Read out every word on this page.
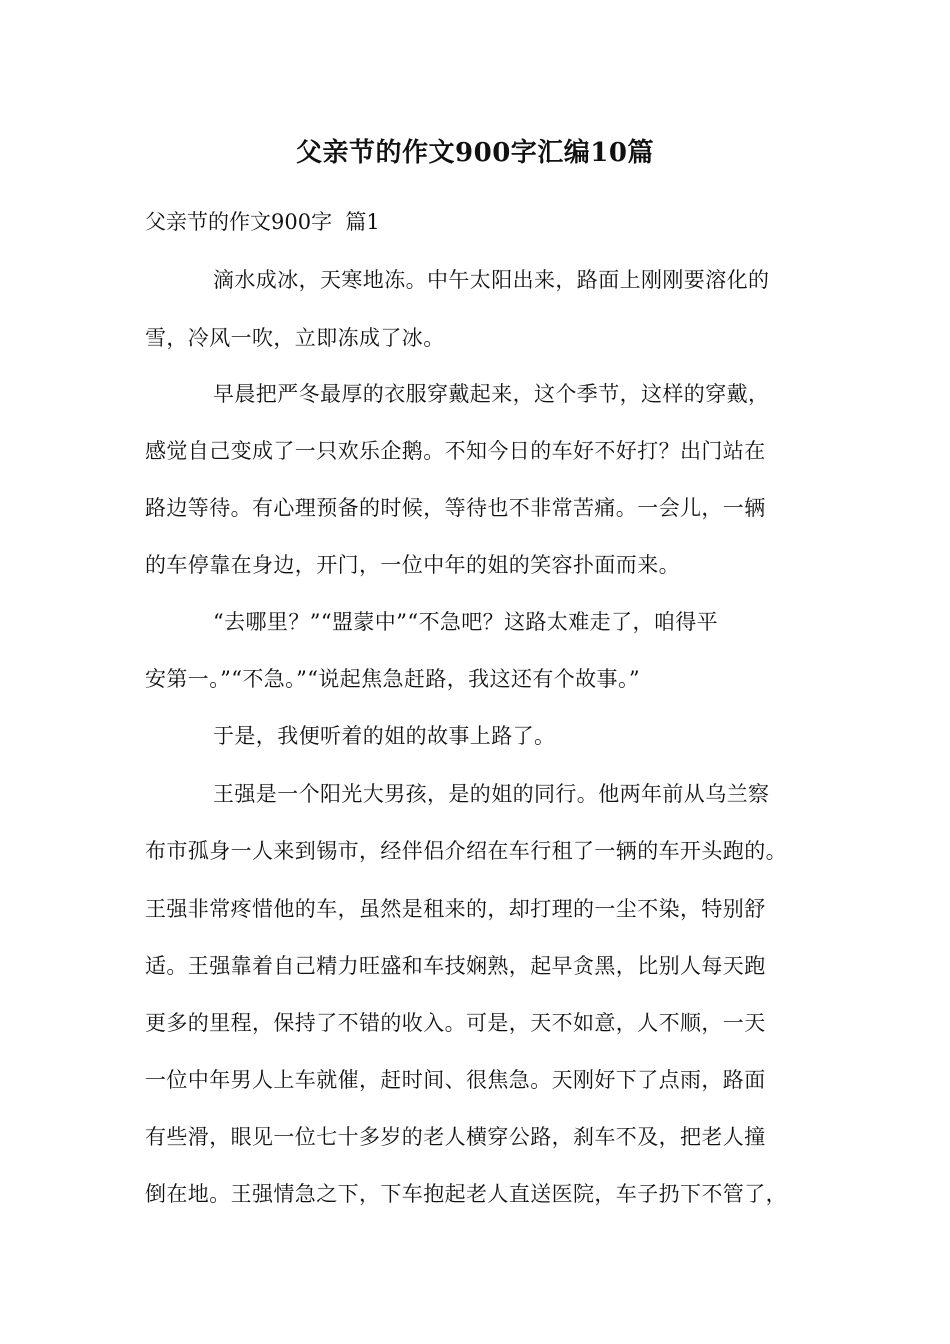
父亲节的作文900字汇编10篇

父亲节的作文900字  篇1

滴水成冰，天寒地冻。中午太阳出来，路面上刚刚要溶化的

雪，冷风一吹，立即冻成了冰。

早晨把严冬最厚的衣服穿戴起来，这个季节，这样的穿戴，

感觉自己变成了一只欢乐企鹅。不知今日的车好不好打？出门站在

路边等待。有心理预备的时候，等待也不非常苦痛。一会儿，一辆

的车停靠在身边，开门，一位中年的姐的笑容扑面而来。

“去哪里？”“盟蒙中”“不急吧？这路太难走了，咱得平

安第一。”“不急。”“说起焦急赶路，我这还有个故事。”

于是，我便听着的姐的故事上路了。

王强是一个阳光大男孩，是的姐的同行。他两年前从乌兰察

布市孤身一人来到锡市，经伴侣介绍在车行租了一辆的车开头跑的。

王强非常疼惜他的车，虽然是租来的，却打理的一尘不染，特别舒

适。王强靠着自己精力旺盛和车技娴熟，起早贪黑，比别人每天跑

更多的里程，保持了不错的收入。可是，天不如意，人不顺，一天

一位中年男人上车就催，赶时间、很焦急。天刚好下了点雨，路面

有些滑，眼见一位七十多岁的老人横穿公路，刹车不及，把老人撞

倒在地。王强情急之下，下车抱起老人直送医院，车子扔下不管了，
